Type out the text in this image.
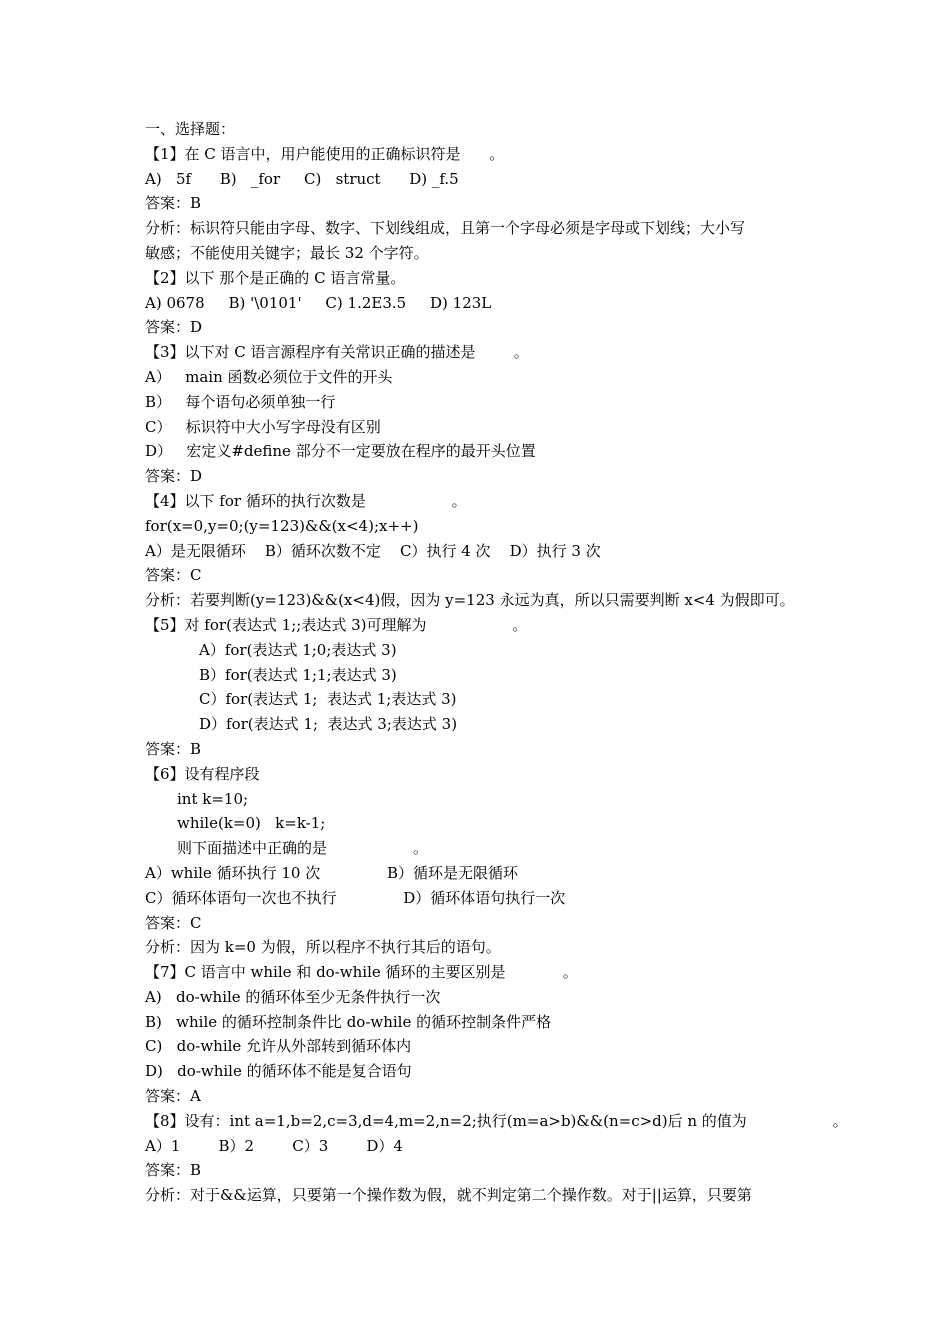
一、选择题：
【1】在 C 语言中，用户能使用的正确标识符是      。
A)   5f      B)   _for     C)   struct      D) _f.5
答案：B
分析：标识符只能由字母、数字、下划线组成，且第一个字母必须是字母或下划线；大小写
敏感；不能使用关键字；最长 32 个字符。
【2】以下 那个是正确的 C 语言常量。
A) 0678     B) '\0101'     C) 1.2E3.5     D) 123L
答案：D
【3】以下对 C 语言源程序有关常识正确的描述是        。
A）   main 函数必须位于文件的开头
B）   每个语句必须单独一行
C）   标识符中大小写字母没有区别
D）   宏定义#define 部分不一定要放在程序的最开头位置
答案：D
【4】以下 for 循环的执行次数是                  。
for(x=0,y=0;(y=123)&&(x<4);x++)
A）是无限循环    B）循环次数不定    C）执行 4 次    D）执行 3 次
答案：C
分析：若要判断(y=123)&&(x<4)假，因为 y=123 永远为真，所以只需要判断 x<4 为假即可。
【5】对 for(表达式 1;;表达式 3)可理解为                  。
A）for(表达式 1;0;表达式 3)
B）for(表达式 1;1;表达式 3)
C）for(表达式 1;  表达式 1;表达式 3)
D）for(表达式 1;  表达式 3;表达式 3)
答案：B
【6】设有程序段
int k=10;
while(k=0)   k=k-1;
则下面描述中正确的是                  。
A）while 循环执行 10 次              B）循环是无限循环
C）循环体语句一次也不执行              D）循环体语句执行一次
答案：C
分析：因为 k=0 为假，所以程序不执行其后的语句。
【7】C 语言中 while 和 do-while 循环的主要区别是            。
A)   do-while 的循环体至少无条件执行一次
B)   while 的循环控制条件比 do-while 的循环控制条件严格
C)   do-while 允许从外部转到循环体内
D)   do-while 的循环体不能是复合语句
答案：A
【8】设有：int a=1,b=2,c=3,d=4,m=2,n=2;执行(m=a>b)&&(n=c>d)后 n 的值为                  。
A）1        B）2        C）3        D）4
答案：B
分析：对于&&运算，只要第一个操作数为假，就不判定第二个操作数。对于||运算，只要第
